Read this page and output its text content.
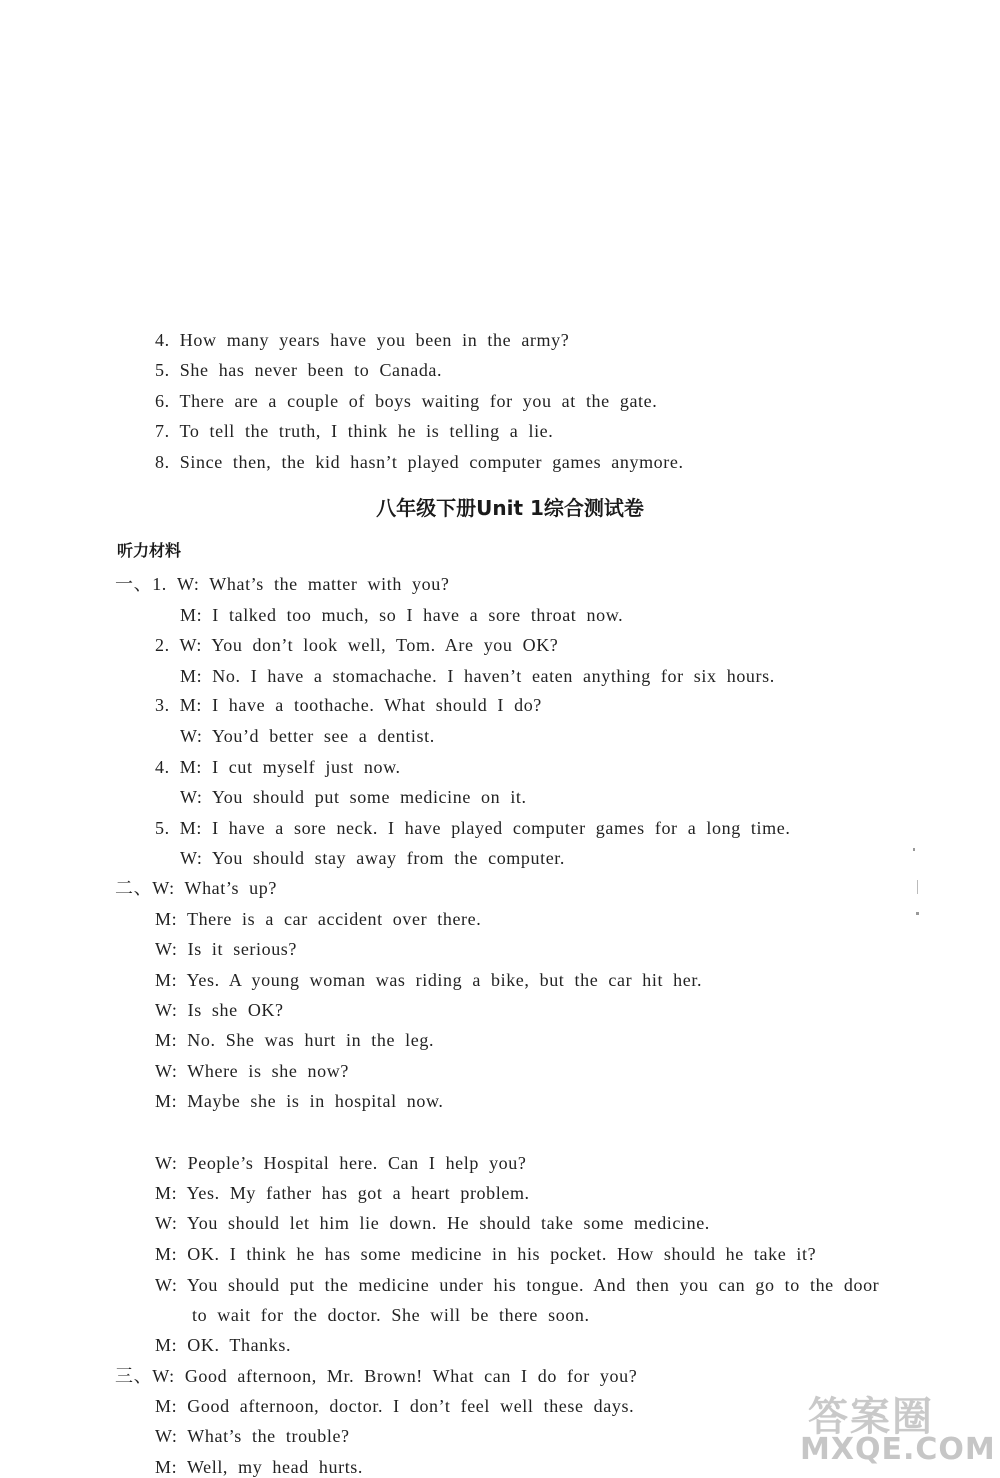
4. How many years have you been in the army?
5. She has never been to Canada.
6. There are a couple of boys waiting for you at the gate.
7. To tell the truth, I think he is telling a lie.
8. Since then, the kid hasn’t played computer games anymore.
八年级下册Unit 1综合测试卷
听力材料
一、1. W: What’s the matter with you?
M: I talked too much, so I have a sore throat now.
2. W: You don’t look well, Tom. Are you OK?
M: No. I have a stomachache. I haven’t eaten anything for six hours.
3. M: I have a toothache. What should I do?
W: You’d better see a dentist.
4. M: I cut myself just now.
W: You should put some medicine on it.
5. M: I have a sore neck. I have played computer games for a long time.
W: You should stay away from the computer.
二、W: What’s up?
M: There is a car accident over there.
W: Is it serious?
M: Yes. A young woman was riding a bike, but the car hit her.
W: Is she OK?
M: No. She was hurt in the leg.
W: Where is she now?
M: Maybe she is in hospital now.
W: People’s Hospital here. Can I help you?
M: Yes. My father has got a heart problem.
W: You should let him lie down. He should take some medicine.
M: OK. I think he has some medicine in his pocket. How should he take it?
W: You should put the medicine under his tongue. And then you can go to the door
to wait for the doctor. She will be there soon.
M: OK. Thanks.
三、W: Good afternoon, Mr. Brown! What can I do for you?
M: Good afternoon, doctor. I don’t feel well these days.
W: What’s the trouble?
M: Well, my head hurts.
答案圈
MXQE.COM
